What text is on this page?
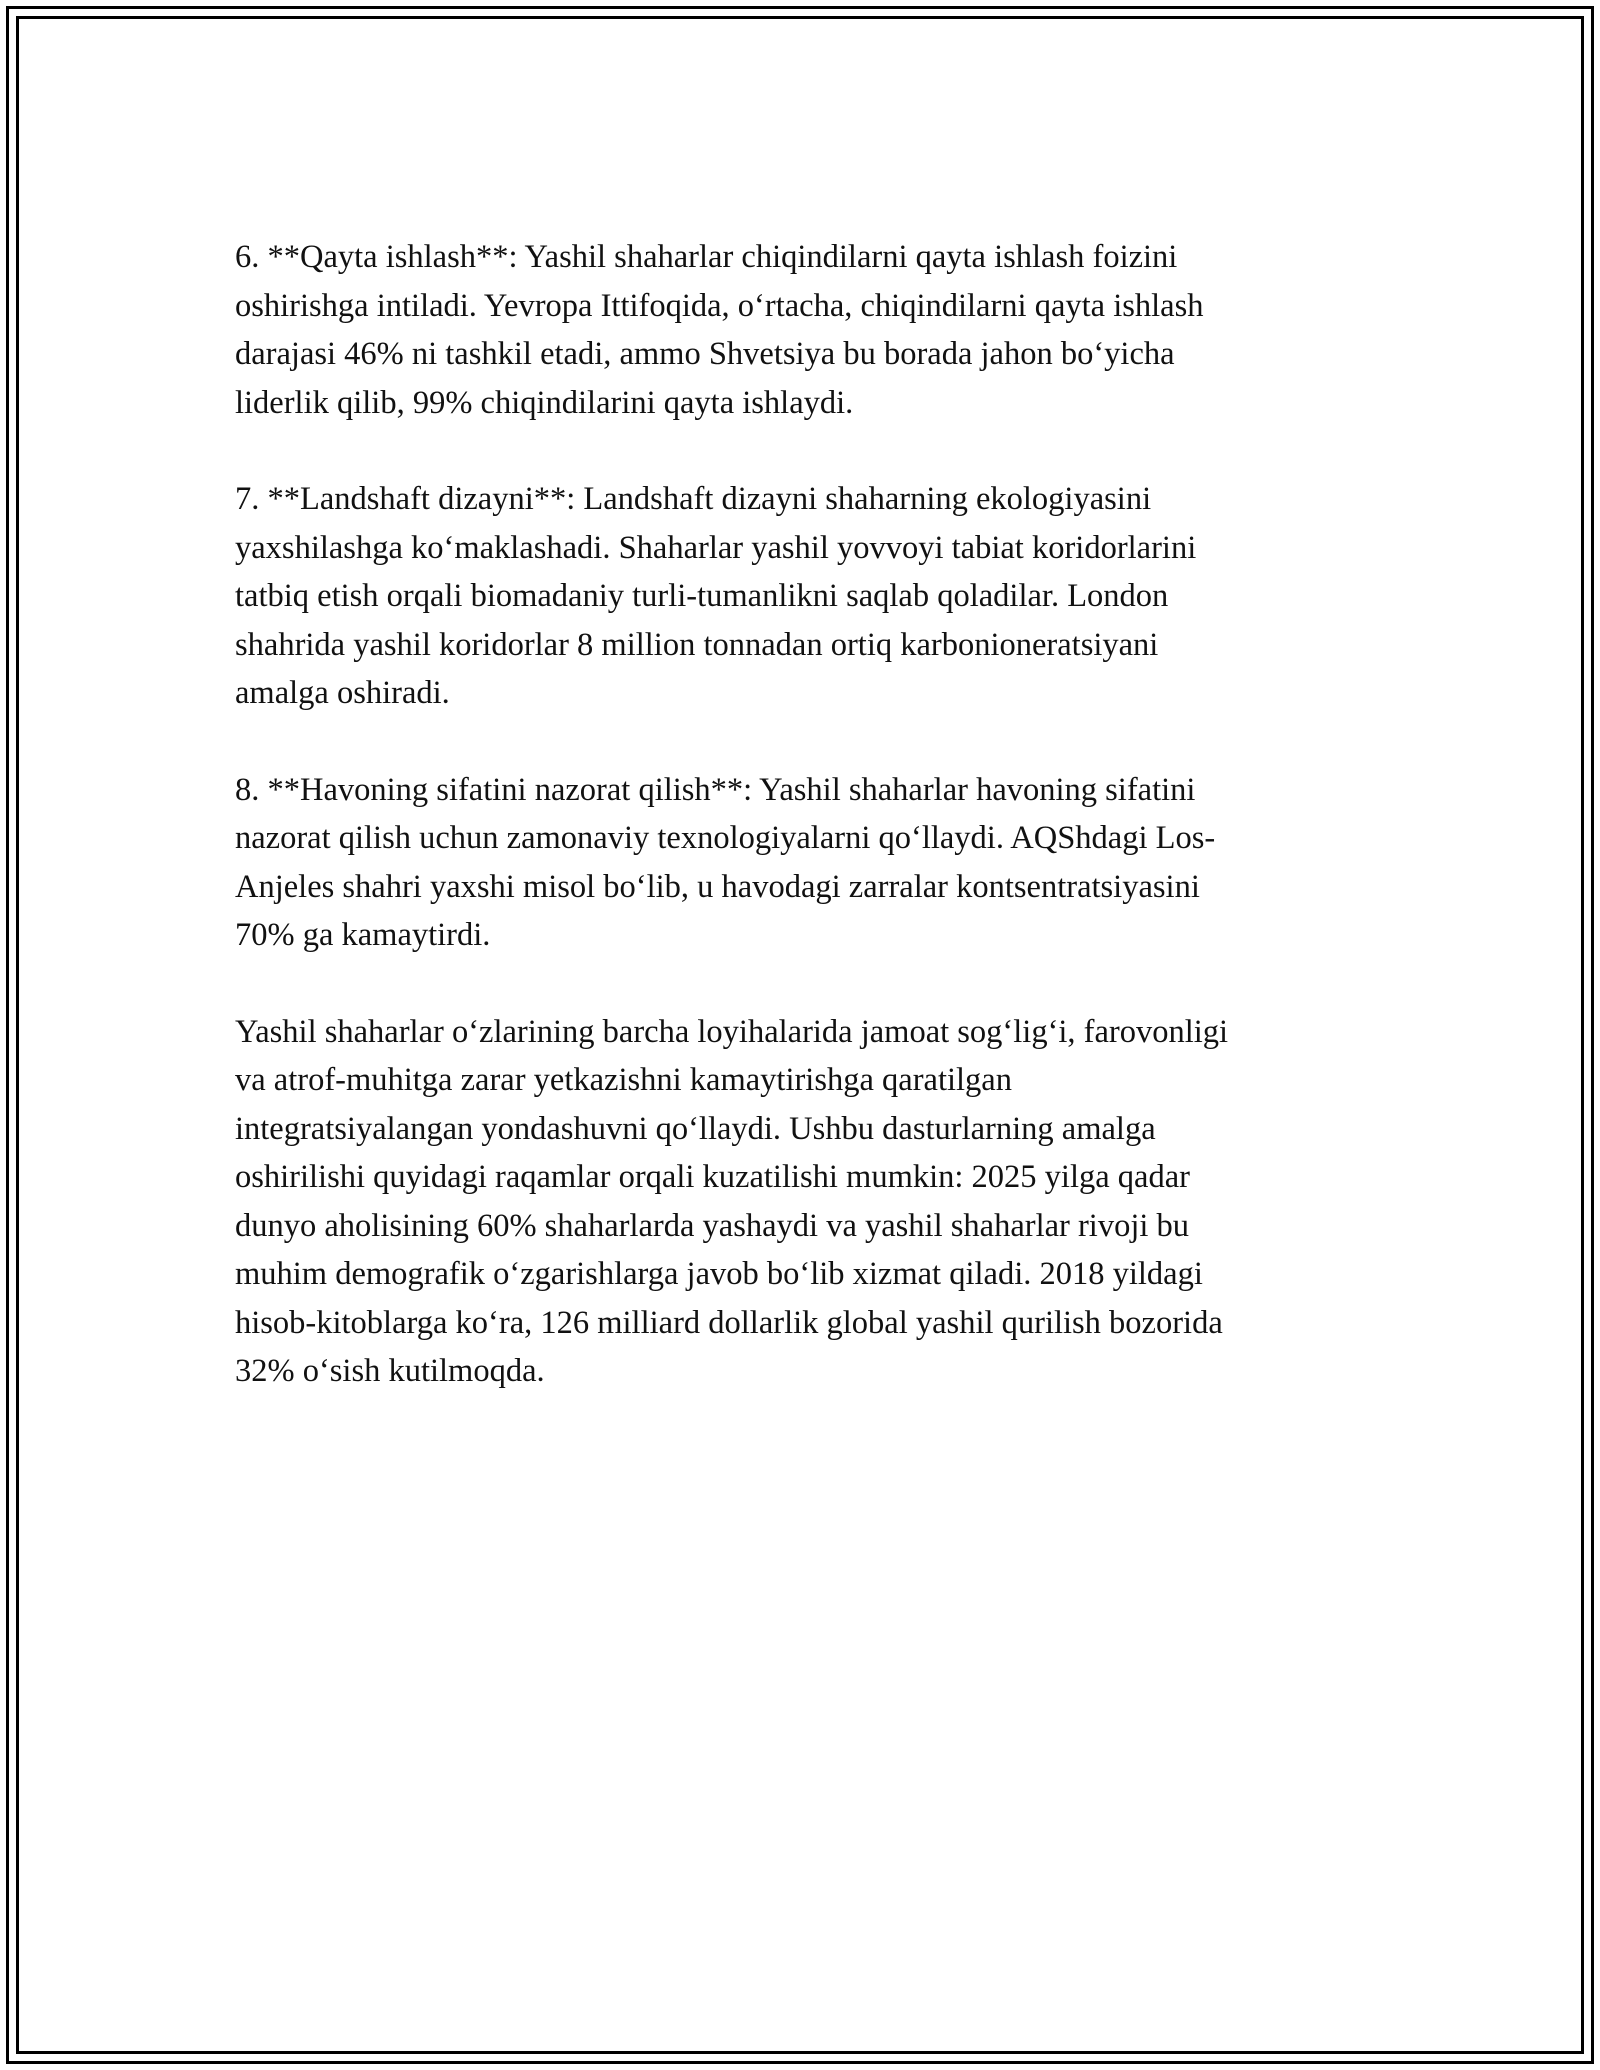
6. **Qayta ishlash**: Yashil shaharlar chiqindilarni qayta ishlash foizini
oshirishga intiladi. Yevropa Ittifoqida, o‘rtacha, chiqindilarni qayta ishlash
darajasi 46% ni tashkil etadi, ammo Shvetsiya bu borada jahon bo‘yicha
liderlik qilib, 99% chiqindilarini qayta ishlaydi.

7. **Landshaft dizayni**: Landshaft dizayni shaharning ekologiyasini
yaxshilashga ko‘maklashadi. Shaharlar yashil yovvoyi tabiat koridorlarini
tatbiq etish orqali biomadaniy turli-tumanlikni saqlab qoladilar. London
shahrida yashil koridorlar 8 million tonnadan ortiq karbonioneratsiyani
amalga oshiradi.

8. **Havoning sifatini nazorat qilish**: Yashil shaharlar havoning sifatini
nazorat qilish uchun zamonaviy texnologiyalarni qo‘llaydi. AQShdagi Los-
Anjeles shahri yaxshi misol bo‘lib, u havodagi zarralar kontsentratsiyasini
70% ga kamaytirdi.

Yashil shaharlar o‘zlarining barcha loyihalarida jamoat sog‘lig‘i, farovonligi
va atrof-muhitga zarar yetkazishni kamaytirishga qaratilgan
integratsiyalangan yondashuvni qo‘llaydi. Ushbu dasturlarning amalga
oshirilishi quyidagi raqamlar orqali kuzatilishi mumkin: 2025 yilga qadar
dunyo aholisining 60% shaharlarda yashaydi va yashil shaharlar rivoji bu
muhim demografik o‘zgarishlarga javob bo‘lib xizmat qiladi. 2018 yildagi
hisob-kitoblarga ko‘ra, 126 milliard dollarlik global yashil qurilish bozorida
32% o‘sish kutilmoqda.
